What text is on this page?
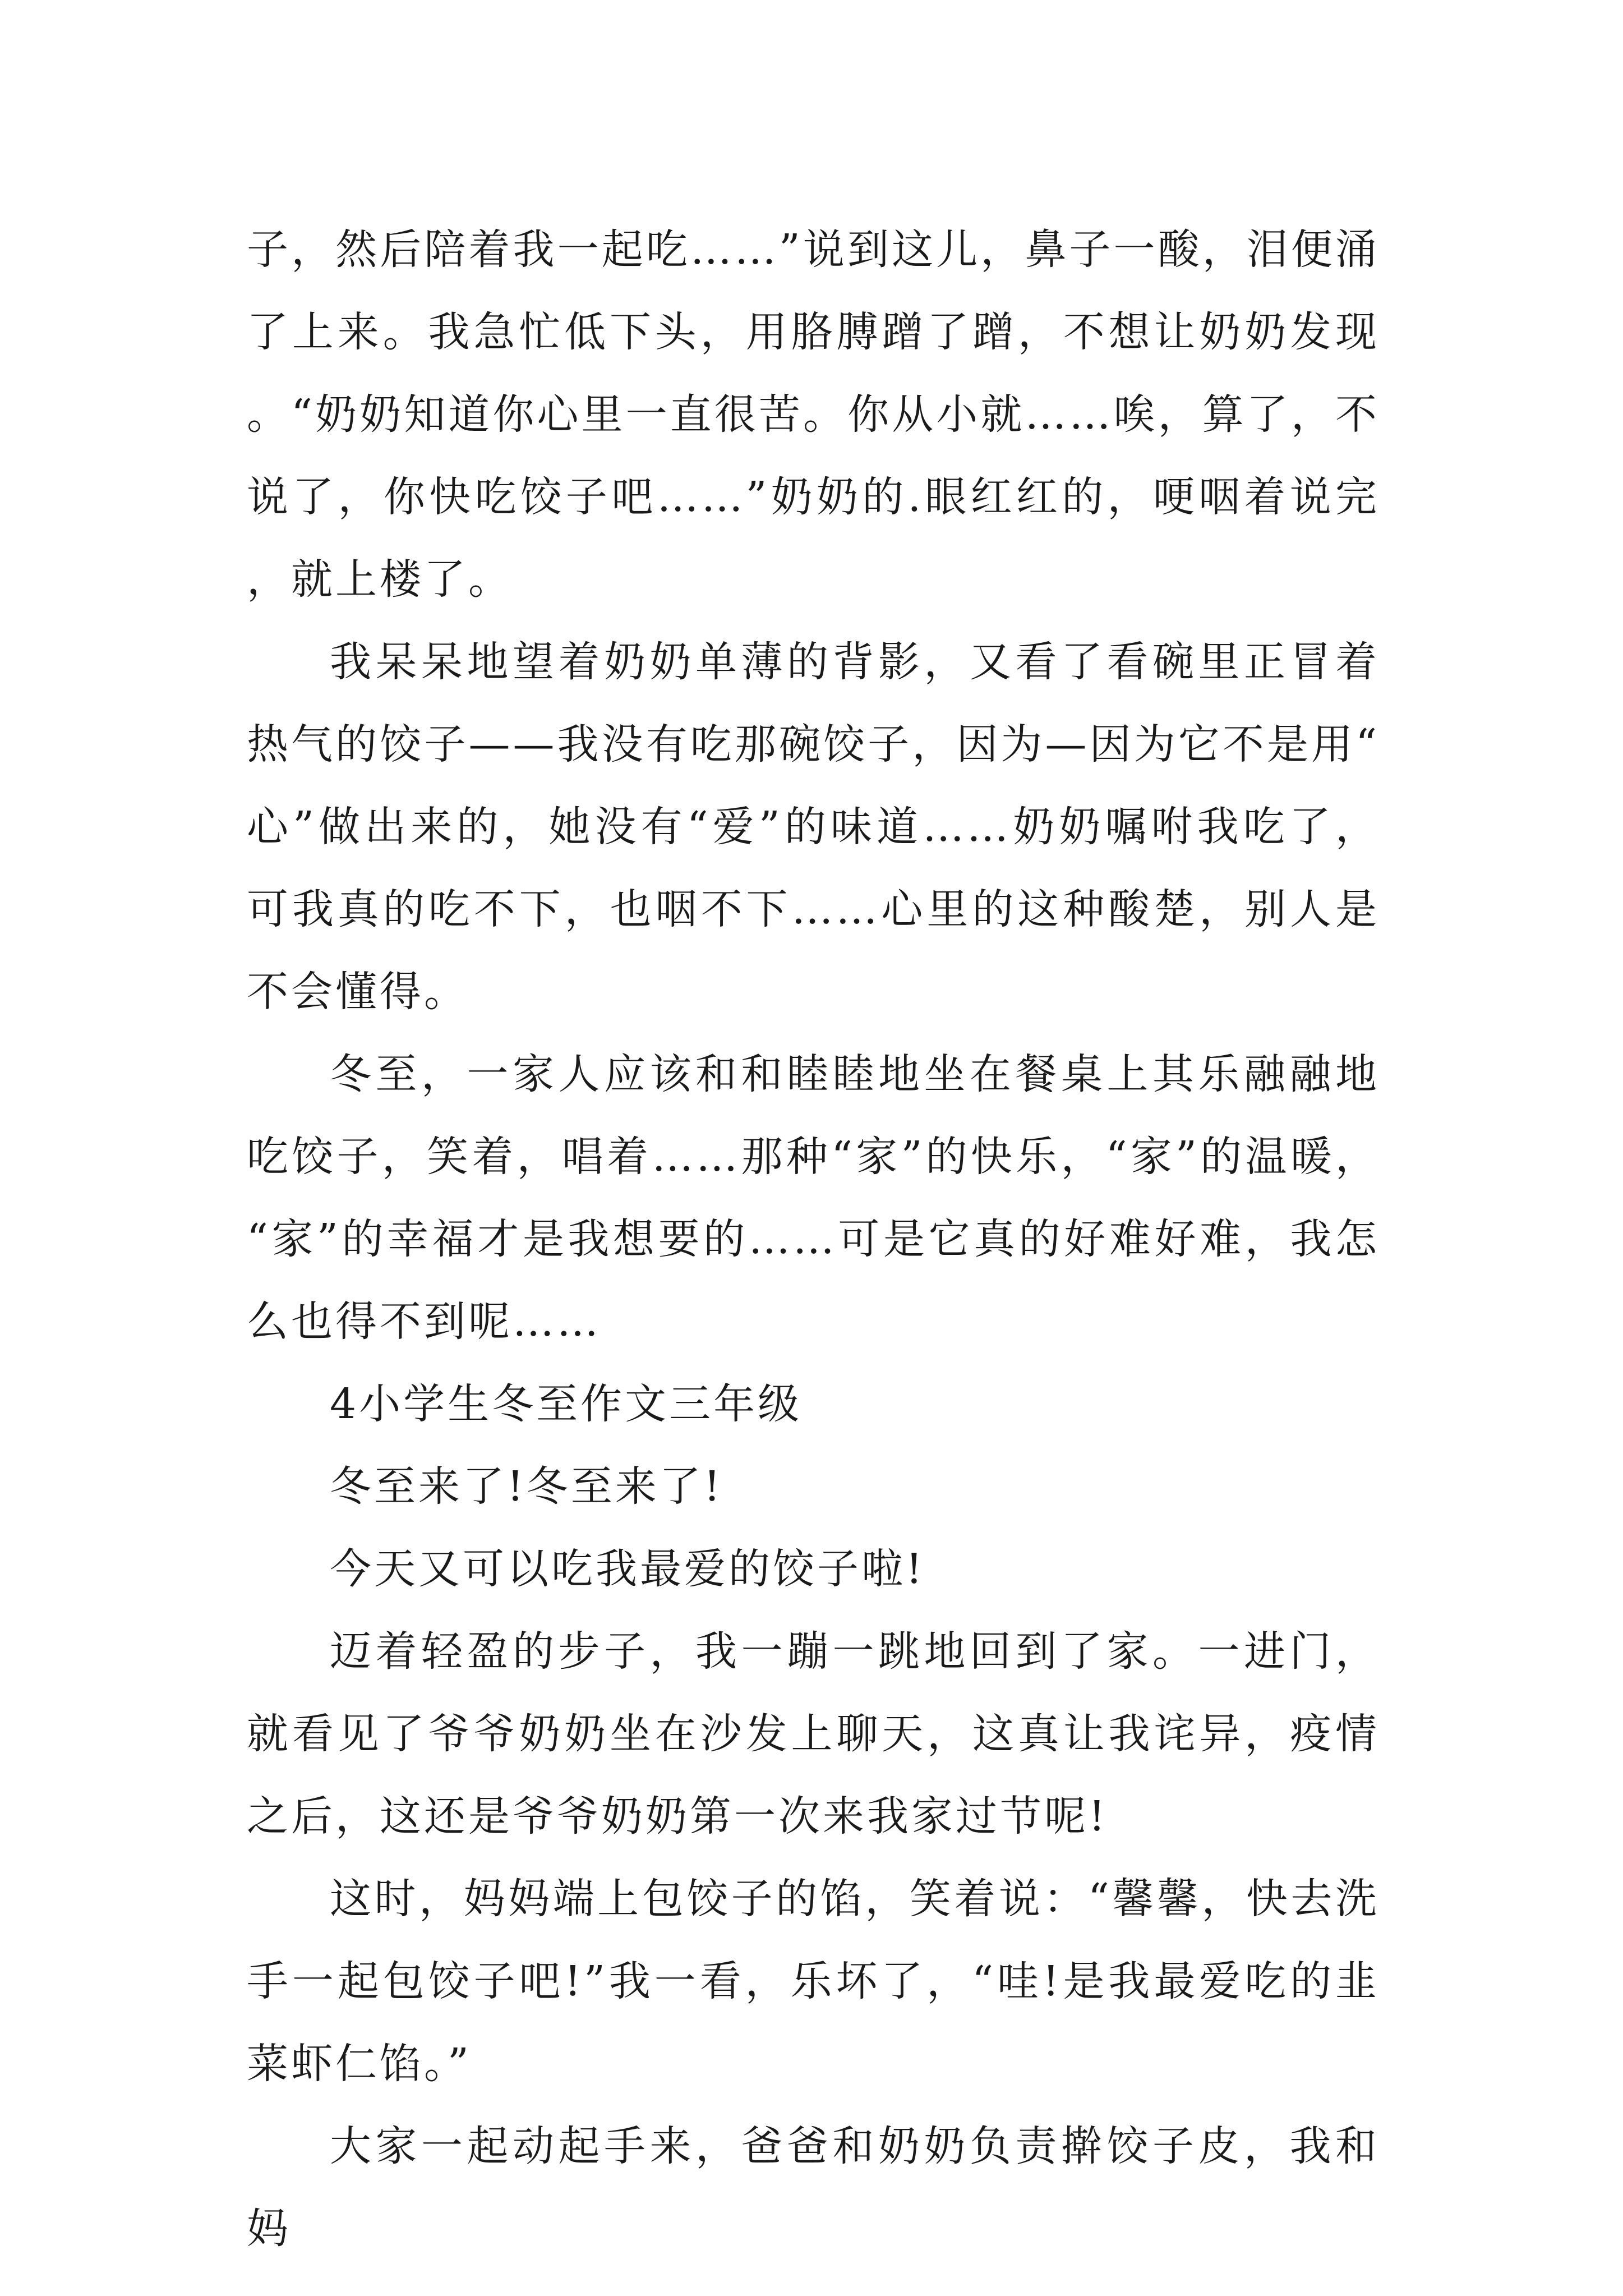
子，然后陪着我一起吃……”说到这儿，鼻子一酸，泪便涌了上来。我急忙低下头，用胳膊蹭了蹭，不想让奶奶发现。“奶奶知道你心里一直很苦。你从小就……唉，算了，不说了，你快吃饺子吧……”奶奶的.眼红红的，哽咽着说完，就上楼了。

我呆呆地望着奶奶单薄的背影，又看了看碗里正冒着热气的饺子——我没有吃那碗饺子，因为—因为它不是用“心”做出来的，她没有“爱”的味道……奶奶嘱咐我吃了，可我真的吃不下，也咽不下……心里的这种酸楚，别人是不会懂得。

冬至，一家人应该和和睦睦地坐在餐桌上其乐融融地吃饺子，笑着，唱着……那种“家”的快乐，“家”的温暖，“家”的幸福才是我想要的……可是它真的好难好难，我怎么也得不到呢……

4小学生冬至作文三年级

冬至来了!冬至来了!

今天又可以吃我最爱的饺子啦!

迈着轻盈的步子，我一蹦一跳地回到了家。一进门，就看见了爷爷奶奶坐在沙发上聊天，这真让我诧异，疫情之后，这还是爷爷奶奶第一次来我家过节呢!

这时，妈妈端上包饺子的馅，笑着说：“馨馨，快去洗手一起包饺子吧!”我一看，乐坏了，“哇!是我最爱吃的韭菜虾仁馅。”

大家一起动起手来，爸爸和奶奶负责擀饺子皮，我和妈
